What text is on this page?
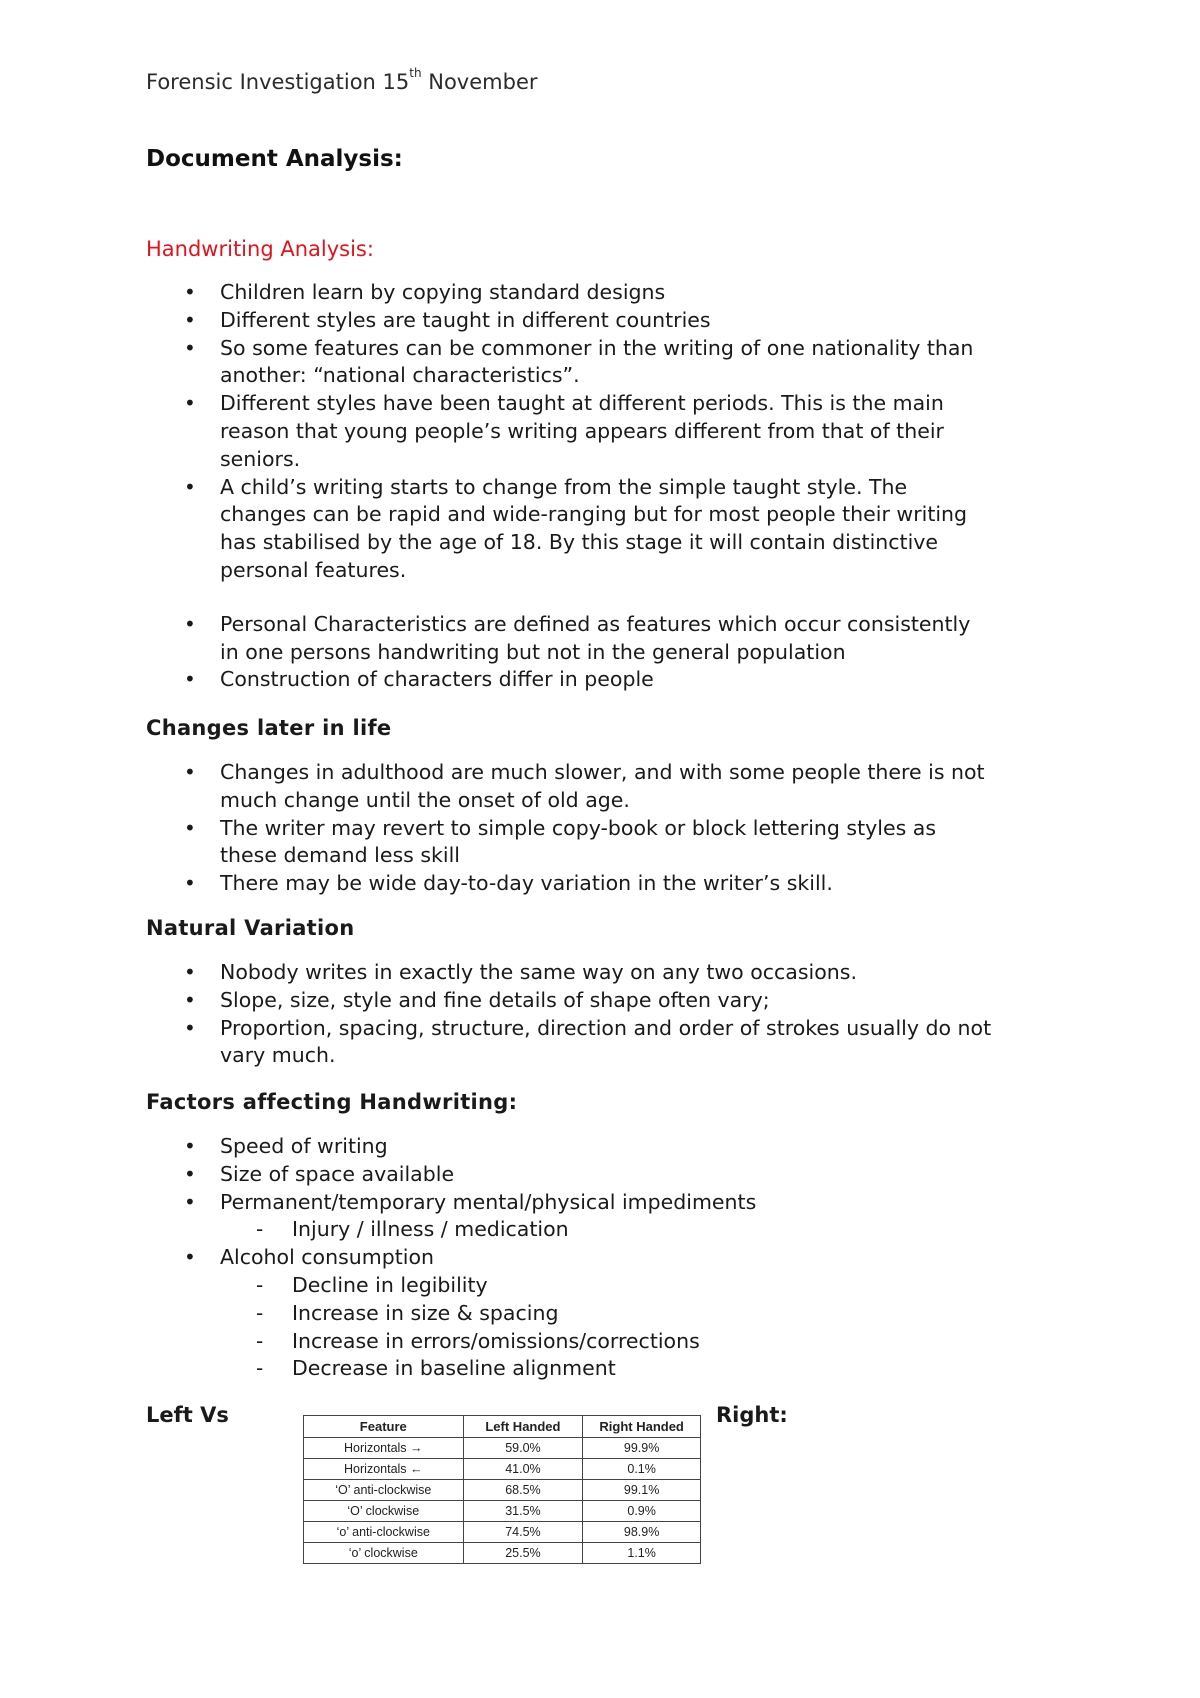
Forensic Investigation 15th November
Document Analysis:
Handwriting Analysis:
• Children learn by copying standard designs
• Different styles are taught in different countries
• So some features can be commoner in the writing of one nationality than
another: “national characteristics”.
• Different styles have been taught at different periods. This is the main
reason that young people’s writing appears different from that of their
seniors.
• A child’s writing starts to change from the simple taught style. The
changes can be rapid and wide-ranging but for most people their writing
has stabilised by the age of 18. By this stage it will contain distinctive
personal features.
• Personal Characteristics are defined as features which occur consistently
in one persons handwriting but not in the general population
• Construction of characters differ in people
Changes later in life
• Changes in adulthood are much slower, and with some people there is not
much change until the onset of old age.
• The writer may revert to simple copy-book or block lettering styles as
these demand less skill
• There may be wide day-to-day variation in the writer’s skill.
Natural Variation
• Nobody writes in exactly the same way on any two occasions.
• Slope, size, style and fine details of shape often vary;
• Proportion, spacing, structure, direction and order of strokes usually do not
vary much.
Factors affecting Handwriting:
• Speed of writing
• Size of space available
• Permanent/temporary mental/physical impediments
- Injury / illness / medication
• Alcohol consumption
- Decline in legibility
- Increase in size & spacing
- Increase in errors/omissions/corrections
- Decrease in baseline alignment
Left Vs	Right:
Feature	Left Handed	Right Handed
Horizontals →	59.0%	99.9%
Horizontals ←	41.0%	0.1%
‘O’ anti-clockwise	68.5%	99.1%
‘O’ clockwise	31.5%	0.9%
‘o’ anti-clockwise	74.5%	98.9%
‘o’ clockwise	25.5%	1.1%
